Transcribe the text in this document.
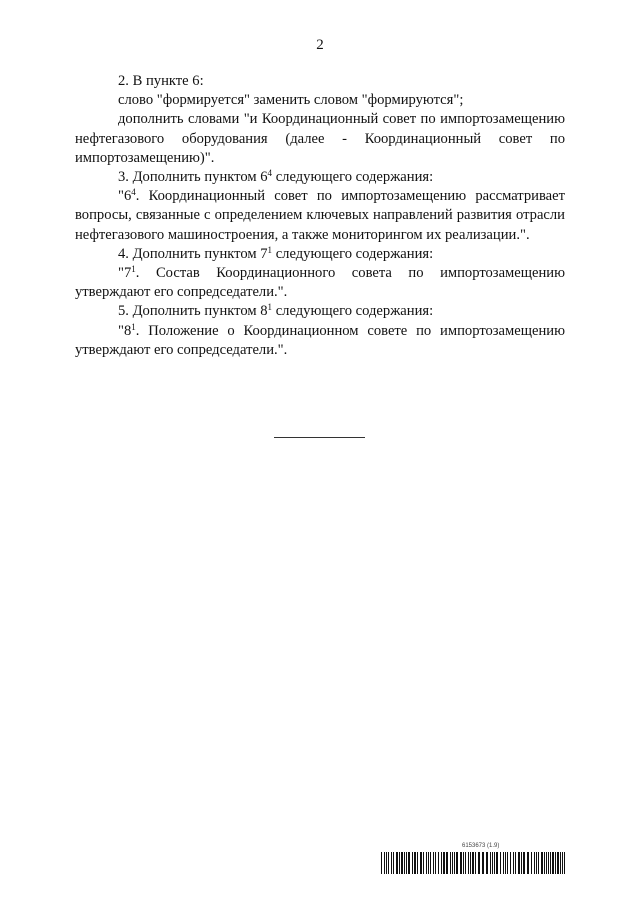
2

2. В пункте 6:

слово "формируется" заменить словом "формируются";

дополнить словами "и Координационный совет по импортозамещению нефтегазового оборудования (далее - Координационный совет по импортозамещению)".

3. Дополнить пунктом $6^4$ следующего содержания:

"$6^4$. Координационный совет по импортозамещению рассматривает вопросы, связанные с определением ключевых направлений развития отрасли нефтегазового машиностроения, а также мониторингом их реализации.".

4. Дополнить пунктом $7^1$ следующего содержания:

"$7^1$. Состав Координационного совета по импортозамещению утверждают его сопредседатели.".

5. Дополнить пунктом $8^1$ следующего содержания:

"$8^1$. Положение о Координационном совете по импортозамещению утверждают его сопредседатели.".

6153673 (1.9)
